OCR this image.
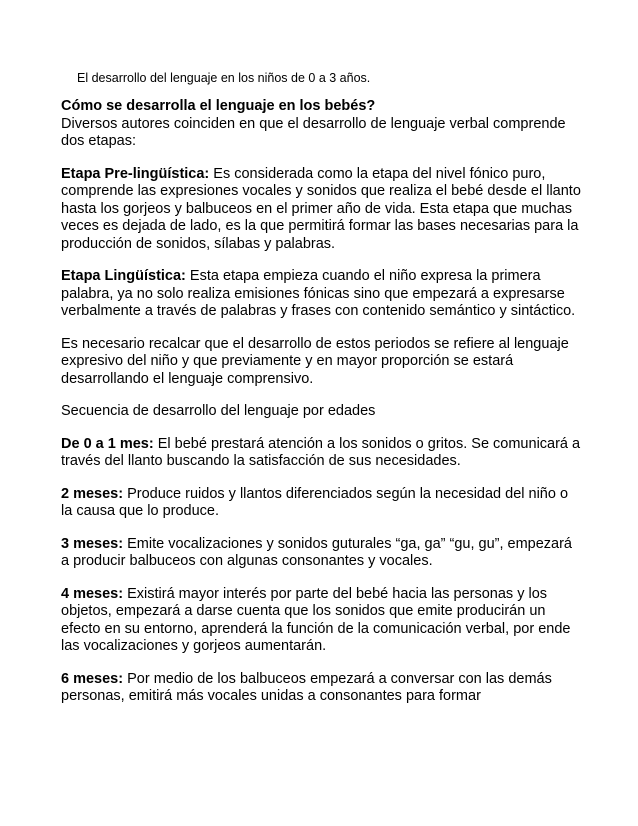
El desarrollo del lenguaje en los niños de 0 a 3 años.

Cómo se desarrolla el lenguaje en los bebés?

Diversos autores coinciden en que el desarrollo de lenguaje verbal comprende dos etapas:

Etapa Pre-lingüística: Es considerada como la etapa del nivel fónico puro, comprende las expresiones vocales y sonidos que realiza el bebé desde el llanto hasta los gorjeos y balbuceos en el primer año de vida. Esta etapa que muchas veces es dejada de lado, es la que permitirá formar las bases necesarias para la producción de sonidos, sílabas y palabras.

Etapa Lingüística: Esta etapa empieza cuando el niño expresa la primera palabra, ya no solo realiza emisiones fónicas sino que empezará a expresarse verbalmente a través de palabras y frases con contenido semántico y sintáctico.

Es necesario recalcar que el desarrollo de estos periodos se refiere al lenguaje expresivo del niño y que previamente y en mayor proporción se estará desarrollando el lenguaje comprensivo.

Secuencia de desarrollo del lenguaje por edades

De 0 a 1 mes: El bebé prestará atención a los sonidos o gritos. Se comunicará a través del llanto buscando la satisfacción de sus necesidades.

2 meses: Produce ruidos y llantos diferenciados según la necesidad del niño o la causa que lo produce.

3 meses: Emite vocalizaciones y sonidos guturales “ga, ga” “gu, gu”, empezará a producir balbuceos con algunas consonantes y vocales.

4 meses: Existirá mayor interés por parte del bebé hacia las personas y los objetos, empezará a darse cuenta que los sonidos que emite producirán un efecto en su entorno, aprenderá la función de la comunicación verbal, por ende las vocalizaciones y gorjeos aumentarán.

6 meses: Por medio de los balbuceos empezará a conversar con las demás personas, emitirá más vocales unidas a consonantes para formar
